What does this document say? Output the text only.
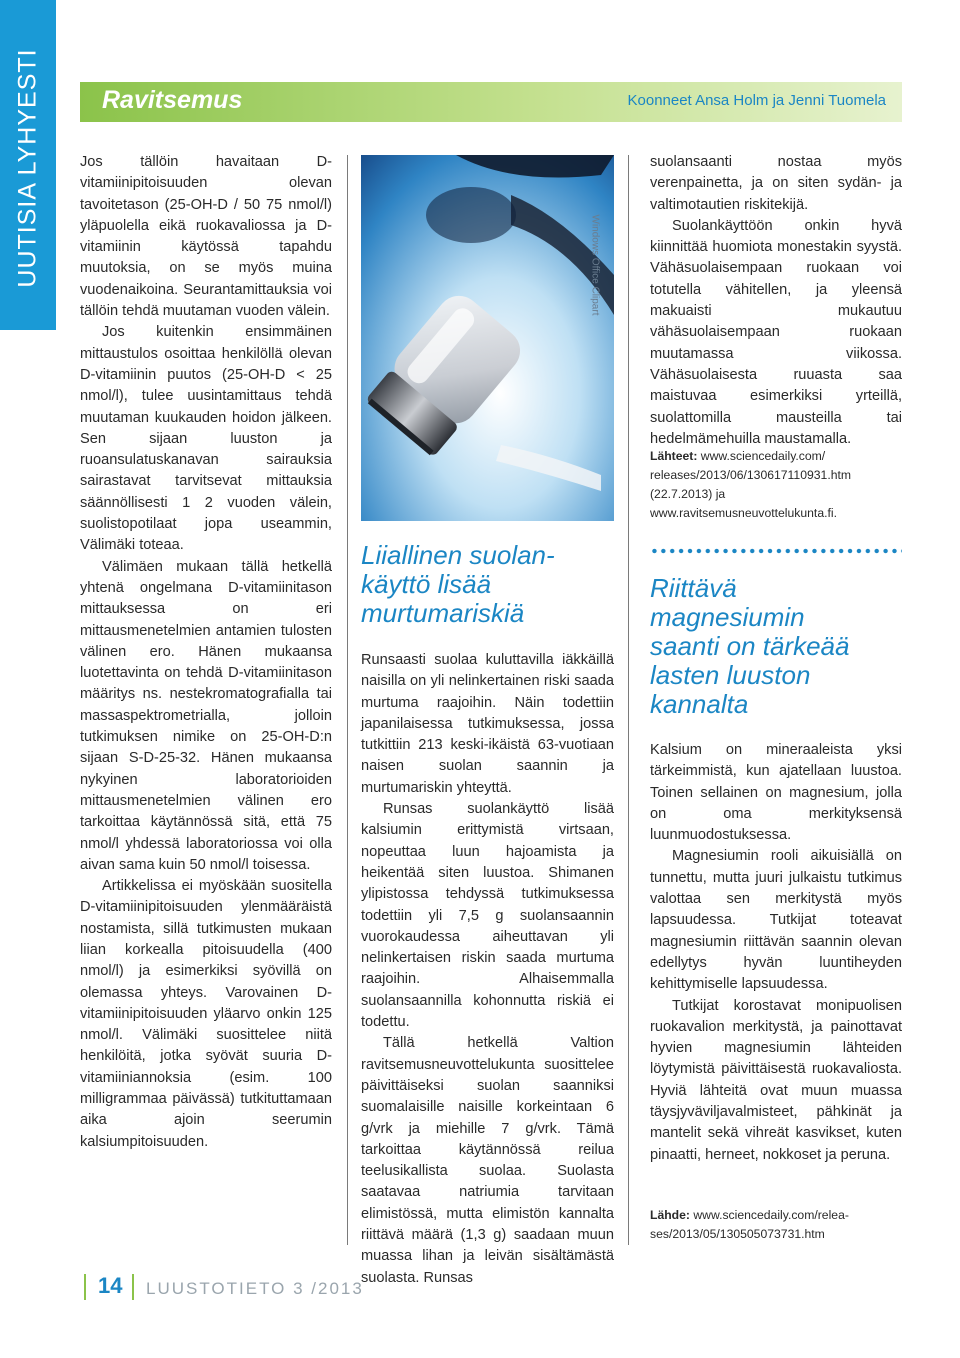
UUTISIA LYHYESTI Ravitsemus	Koonneet Ansa Holm ja Jenni Tuomela

Jos tällöin havaitaan D-vitamiinipitoisuuden olevan tavoitetason (25-OH-D / 50 75 nmol/l) yläpuolella eikä ruokavaliossa ja D-vitamiinin käytössä tapahdu muutoksia, on se myös muina vuodenaikoina. Seurantamittauksia voi tällöin tehdä muutaman vuoden välein.

Jos kuitenkin ensimmäinen mittaustulos osoittaa henkilöllä olevan D-vitamiinin puutos (25-OH-D < 25 nmol/l), tulee uusintamittaus tehdä muutaman kuukauden hoidon jälkeen. Sen sijaan luuston ja ruoansulatuskanavan sairauksia sairastavat tarvitsevat mittauksia säännöllisesti 1 2 vuoden välein, suolistopotilaat jopa useammin, Välimäki toteaa.

Välimäen mukaan tällä hetkellä yhtenä ongelmana D-vitamiinitason mittauksessa on eri mittausmenetelmien antamien tulosten välinen ero. Hänen mukaansa luotettavinta on tehdä D-vitamiinitason määritys ns. nestekromatografialla tai massaspektrometrialla, jolloin tutkimuksen nimike on 25-OH-D:n sijaan S-D-25-32. Hänen mukaansa nykyinen laboratorioiden mittausmenetelmien välinen ero tarkoittaa käytännössä sitä, että 75 nmol/l yhdessä laboratoriossa voi olla aivan sama kuin 50 nmol/l toisessa.

Artikkelissa ei myöskään suositella D-vitamiinipitoisuuden ylenmääräistä nostamista, sillä tutkimusten mukaan liian korkealla pitoisuudella (400 nmol/l) ja esimerkiksi syövillä on olemassa yhteys. Varovainen D-vitamiinipitoisuuden yläarvo onkin 125 nmol/l. Välimäki suosittelee niitä henkilöitä, jotka syövät suuria D-vitamiiniannoksia (esim. 100 milligrammaa päivässä) tutkituttamaan aika ajoin seerumin kalsiumpitoisuuden.

Windows Office Clipart
Liiallinen suolan-
käyttö lisää
murtumariskiä

Runsaasti suolaa kuluttavilla iäkkäillä naisilla on yli nelinkertainen riski saada murtuma raajoihin. Näin todettiin japanilaisessa tutkimuksessa, jossa tutkittiin 213 keski-ikäistä 63-vuotiaan naisen suolan saannin ja murtumariskin yhteyttä.

Runsas suolankäyttö lisää kalsiumin erittymistä virtsaan, nopeuttaa luun hajoamista ja heikentää siten luustoa. Shimanen ylipistossa tehdyssä tutkimuksessa todettiin yli 7,5 g suolansaannin vuorokaudessa aiheuttavan yli nelinkertaisen riskin saada murtuma raajoihin. Alhaisemmalla suolansaannilla kohonnutta riskiä ei todettu.

Tällä hetkellä Valtion ravitsemusneuvottelukunta suosittelee päivittäiseksi suolan saanniksi suomalaisille naisille korkeintaan 6 g/vrk ja miehille 7 g/vrk. Tämä tarkoittaa käytännössä reilua teelusikallista suolaa. Suolasta saatavaa natriumia tarvitaan elimistössä, mutta elimistön kannalta riittävä määrä (1,3 g) saadaan muun muassa lihan ja leivän sisältämästä suolasta. Runsas

suolansaanti nostaa myös verenpainetta, ja on siten sydän- ja valtimotautien riskitekijä.

Suolankäyttöön onkin hyvä kiinnittää huomiota monestakin syystä. Vähäsuolaisempaan ruokaan voi totutella vähitellen, ja yleensä makuaisti mukautuu vähäsuolaisempaan ruokaan muutamassa viikossa. Vähäsuolaisesta ruuasta saa maistuvaa esimerkiksi yrteillä, suolattomilla mausteilla tai hedelmämehuilla maustamalla.

Lähteet: www.sciencedaily.com/
releases/2013/06/130617110931.htm
(22.7.2013) ja
www.ravitsemusneuvottelukunta.fi.
Riittävä
magnesiumin
saanti on tärkeää
lasten luuston
kannalta

Kalsium on mineraaleista yksi tärkeimmistä, kun ajatellaan luustoa. Toinen sellainen on magnesium, jolla on oma merkityksensä luunmuodostuksessa.

Magnesiumin rooli aikuisiällä on tunnettu, mutta juuri julkaistu tutkimus valottaa sen merkitystä myös lapsuudessa. Tutkijat toteavat magnesiumin riittävän saannin olevan edellytys hyvän luuntiheyden kehittymiselle lapsuudessa.

Tutkijat korostavat monipuolisen ruokavalion merkitystä, ja painottavat hyvien magnesiumin lähteiden löytymistä päivittäisestä ruokavaliosta. Hyviä lähteitä ovat muun muassa täysjyväviljavalmisteet, pähkinät ja mantelit sekä vihreät kasvikset, kuten pinaatti, herneet, nokkoset ja peruna.

Lähde: www.sciencedaily.com/relea-
ses/2013/05/130505073731.htm
14 LUUSTOTIETO 3 /2013
